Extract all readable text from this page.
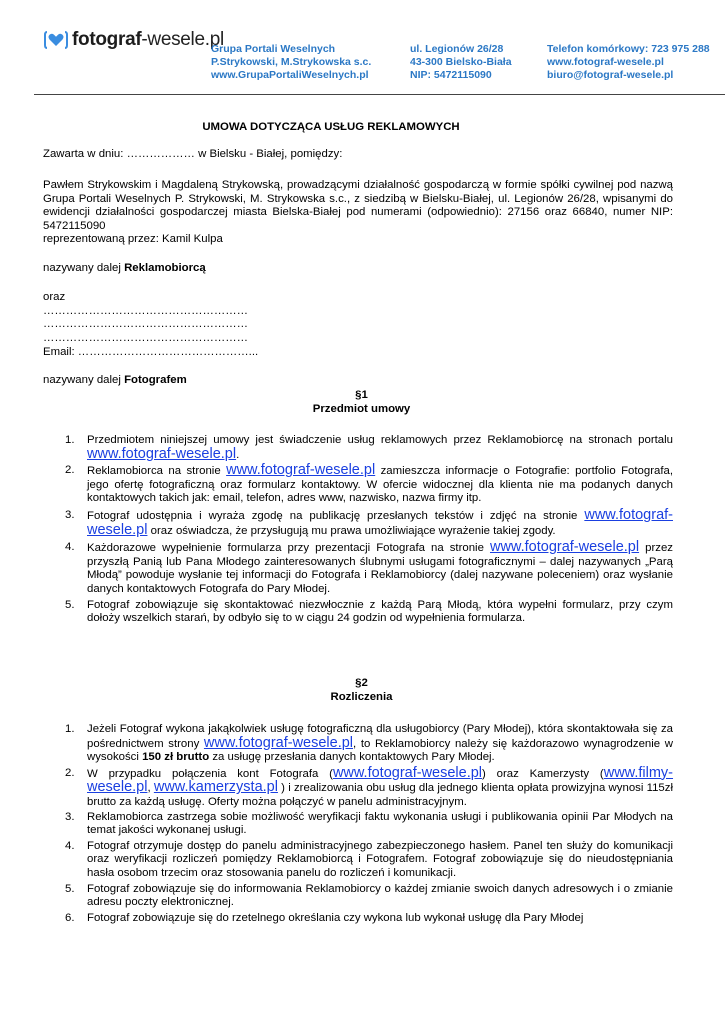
fotograf-wesele.pl
Grupa Portali Weselnych
P.Strykowski, M.Strykowska s.c.
www.GrupaPortaliWeselnych.pl
ul. Legionów 26/28
43-300 Bielsko-Biała
NIP: 5472115090
Telefon komórkowy: 723 975 288
www.fotograf-wesele.pl
biuro@fotograf-wesele.pl
UMOWA DOTYCZĄCA USŁUG REKLAMOWYCH
Zawarta w dniu: ……………… w Bielsku - Białej, pomiędzy:
Pawłem Strykowskim i Magdaleną Strykowską, prowadzącymi działalność gospodarczą w formie spółki cywilnej pod nazwą Grupa Portali Weselnych P. Strykowski, M. Strykowska s.c., z siedzibą w Bielsku-Białej, ul. Legionów 26/28, wpisanymi do ewidencji działalności gospodarczej miasta Bielska-Białej pod numerami (odpowiednio): 27156 oraz 66840, numer NIP: 5472115090
reprezentowaną przez: Kamil Kulpa
nazywany dalej Reklamobiorcą
oraz
………………………………………………
………………………………………………
………………………………………………
Email: ………………………………………...
nazywany dalej Fotografem
§1
Przedmiot umowy
1. Przedmiotem niniejszej umowy jest świadczenie usług reklamowych przez Reklamobiorcę na stronach portalu www.fotograf-wesele.pl.
2. Reklamobiorca na stronie www.fotograf-wesele.pl zamieszcza informacje o Fotografie: portfolio Fotografa, jego ofertę fotograficzną oraz formularz kontaktowy. W ofercie widocznej dla klienta nie ma podanych danych kontaktowych takich jak: email, telefon, adres www, nazwisko, nazwa firmy itp.
3. Fotograf udostępnia i wyraża zgodę na publikację przesłanych tekstów i zdjęć na stronie www.fotograf-wesele.pl oraz oświadcza, że przysługują mu prawa umożliwiające wyrażenie takiej zgody.
4. Każdorazowe wypełnienie formularza przy prezentacji Fotografa na stronie www.fotograf-wesele.pl przez przyszłą Panią lub Pana Młodego zainteresowanych ślubnymi usługami fotograficznymi – dalej nazywanych „Parą Młodą” powoduje wysłanie tej informacji do Fotografa i Reklamobiorcy (dalej nazywane poleceniem) oraz wysłanie danych kontaktowych Fotografa do Pary Młodej.
5. Fotograf zobowiązuje się skontaktować niezwłocznie z każdą Parą Młodą, która wypełni formularz, przy czym dołoży wszelkich starań, by odbyło się to w ciągu 24 godzin od wypełnienia formularza.
§2
Rozliczenia
1. Jeżeli Fotograf wykona jakąkolwiek usługę fotograficzną dla usługobiorcy (Pary Młodej), która skontaktowała się za pośrednictwem strony www.fotograf-wesele.pl, to Reklamobiorcy należy się każdorazowo wynagrodzenie w wysokości 150 zł brutto za usługę przesłania danych kontaktowych Pary Młodej.
2. W przypadku połączenia kont Fotografa (www.fotograf-wesele.pl) oraz Kamerzysty (www.filmy-wesele.pl, www.kamerzysta.pl ) i zrealizowania obu usług dla jednego klienta opłata prowizyjna wynosi 115zł brutto za każdą usługę. Oferty można połączyć w panelu administracyjnym.
3. Reklamobiorca zastrzega sobie możliwość weryfikacji faktu wykonania usługi i publikowania opinii Par Młodych na temat jakości wykonanej usługi.
4. Fotograf otrzymuje dostęp do panelu administracyjnego zabezpieczonego hasłem. Panel ten służy do komunikacji oraz weryfikacji rozliczeń pomiędzy Reklamobiorcą i Fotografem. Fotograf zobowiązuje się do nieudostępniania hasła osobom trzecim oraz stosowania panelu do rozliczeń i komunikacji.
5. Fotograf zobowiązuje się do informowania Reklamobiorcy o każdej zmianie swoich danych adresowych i o zmianie adresu poczty elektronicznej.
6. Fotograf zobowiązuje się do rzetelnego określania czy wykona lub wykonał usługę dla Pary Młodej
